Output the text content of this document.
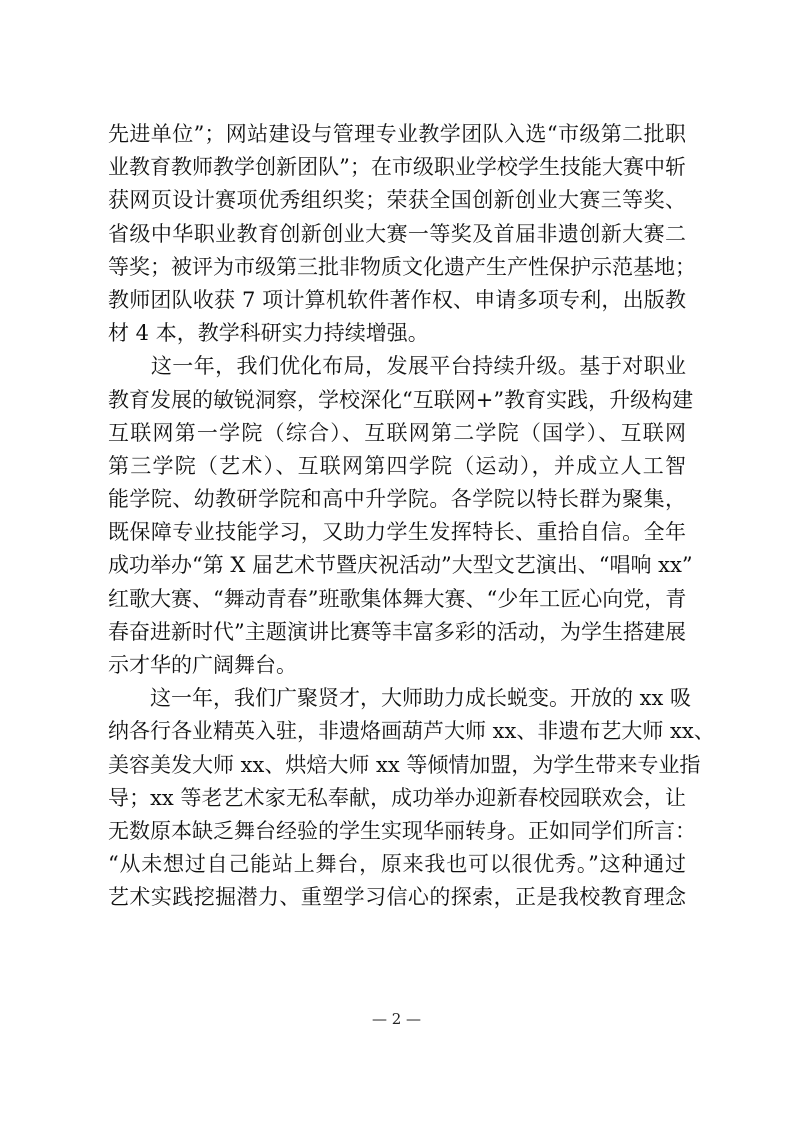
先进单位”；网站建设与管理专业教学团队入选“市级第二批职
业教育教师教学创新团队”；在市级职业学校学生技能大赛中斩
获网页设计赛项优秀组织奖；荣获全国创新创业大赛三等奖、
省级中华职业教育创新创业大赛一等奖及首届非遗创新大赛二
等奖；被评为市级第三批非物质文化遗产生产性保护示范基地；
教师团队收获 7 项计算机软件著作权、申请多项专利，出版教
材 4 本，教学科研实力持续增强。
　　这一年，我们优化布局，发展平台持续升级。基于对职业
教育发展的敏锐洞察，学校深化“互联网+”教育实践，升级构建
互联网第一学院（综合）、互联网第二学院（国学）、互联网
第三学院（艺术）、互联网第四学院（运动），并成立人工智
能学院、幼教研学院和高中升学院。各学院以特长群为聚集，
既保障专业技能学习，又助力学生发挥特长、重拾自信。全年
成功举办“第 X 届艺术节暨庆祝活动”大型文艺演出、“唱响 xx”
红歌大赛、“舞动青春”班歌集体舞大赛、“少年工匠心向党，青
春奋进新时代”主题演讲比赛等丰富多彩的活动，为学生搭建展
示才华的广阔舞台。
　　这一年，我们广聚贤才，大师助力成长蜕变。开放的 xx 吸
纳各行各业精英入驻，非遗烙画葫芦大师 xx、非遗布艺大师 xx、
美容美发大师 xx、烘焙大师 xx 等倾情加盟，为学生带来专业指
导；xx 等老艺术家无私奉献，成功举办迎新春校园联欢会，让
无数原本缺乏舞台经验的学生实现华丽转身。正如同学们所言：
“从未想过自己能站上舞台，原来我也可以很优秀。”这种通过
艺术实践挖掘潜力、重塑学习信心的探索，正是我校教育理念
— 2 —
